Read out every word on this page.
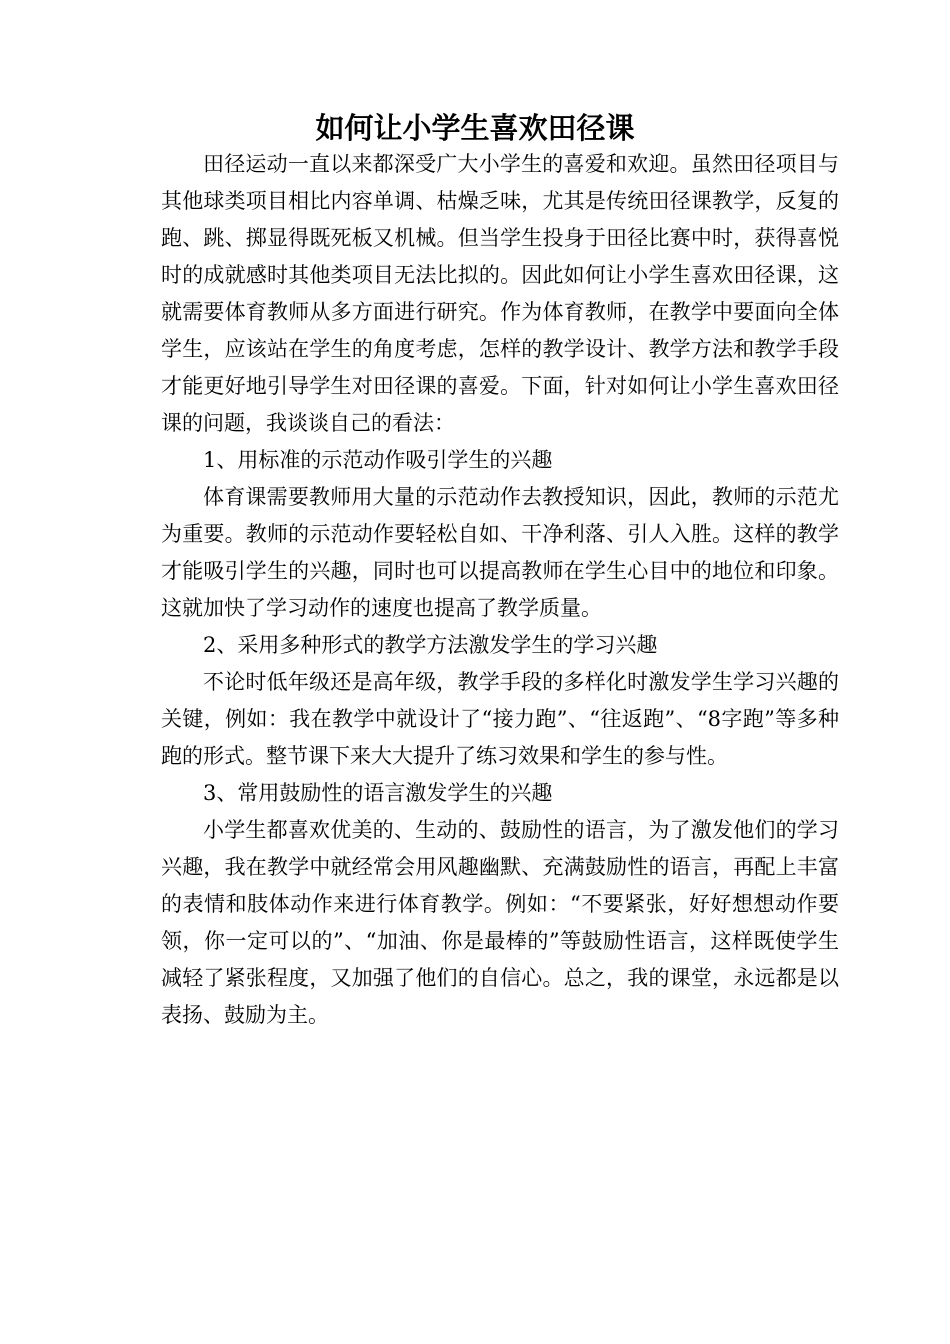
如何让小学生喜欢田径课

田径运动一直以来都深受广大小学生的喜爱和欢迎。虽然田径项目与其他球类项目相比内容单调、枯燥乏味，尤其是传统田径课教学，反复的跑、跳、掷显得既死板又机械。但当学生投身于田径比赛中时，获得喜悦时的成就感时其他类项目无法比拟的。因此如何让小学生喜欢田径课，这就需要体育教师从多方面进行研究。作为体育教师，在教学中要面向全体学生，应该站在学生的角度考虑，怎样的教学设计、教学方法和教学手段才能更好地引导学生对田径课的喜爱。下面，针对如何让小学生喜欢田径课的问题，我谈谈自己的看法：

1、用标准的示范动作吸引学生的兴趣

体育课需要教师用大量的示范动作去教授知识，因此，教师的示范尤为重要。教师的示范动作要轻松自如、干净利落、引人入胜。这样的教学才能吸引学生的兴趣，同时也可以提高教师在学生心目中的地位和印象。这就加快了学习动作的速度也提高了教学质量。

2、采用多种形式的教学方法激发学生的学习兴趣

不论时低年级还是高年级，教学手段的多样化时激发学生学习兴趣的关键，例如：我在教学中就设计了“接力跑”、“往返跑”、“8字跑”等多种跑的形式。整节课下来大大提升了练习效果和学生的参与性。

3、常用鼓励性的语言激发学生的兴趣

小学生都喜欢优美的、生动的、鼓励性的语言，为了激发他们的学习兴趣，我在教学中就经常会用风趣幽默、充满鼓励性的语言，再配上丰富的表情和肢体动作来进行体育教学。例如：“不要紧张，好好想想动作要领，你一定可以的”、“加油、你是最棒的”等鼓励性语言，这样既使学生减轻了紧张程度，又加强了他们的自信心。总之，我的课堂，永远都是以表扬、鼓励为主。
